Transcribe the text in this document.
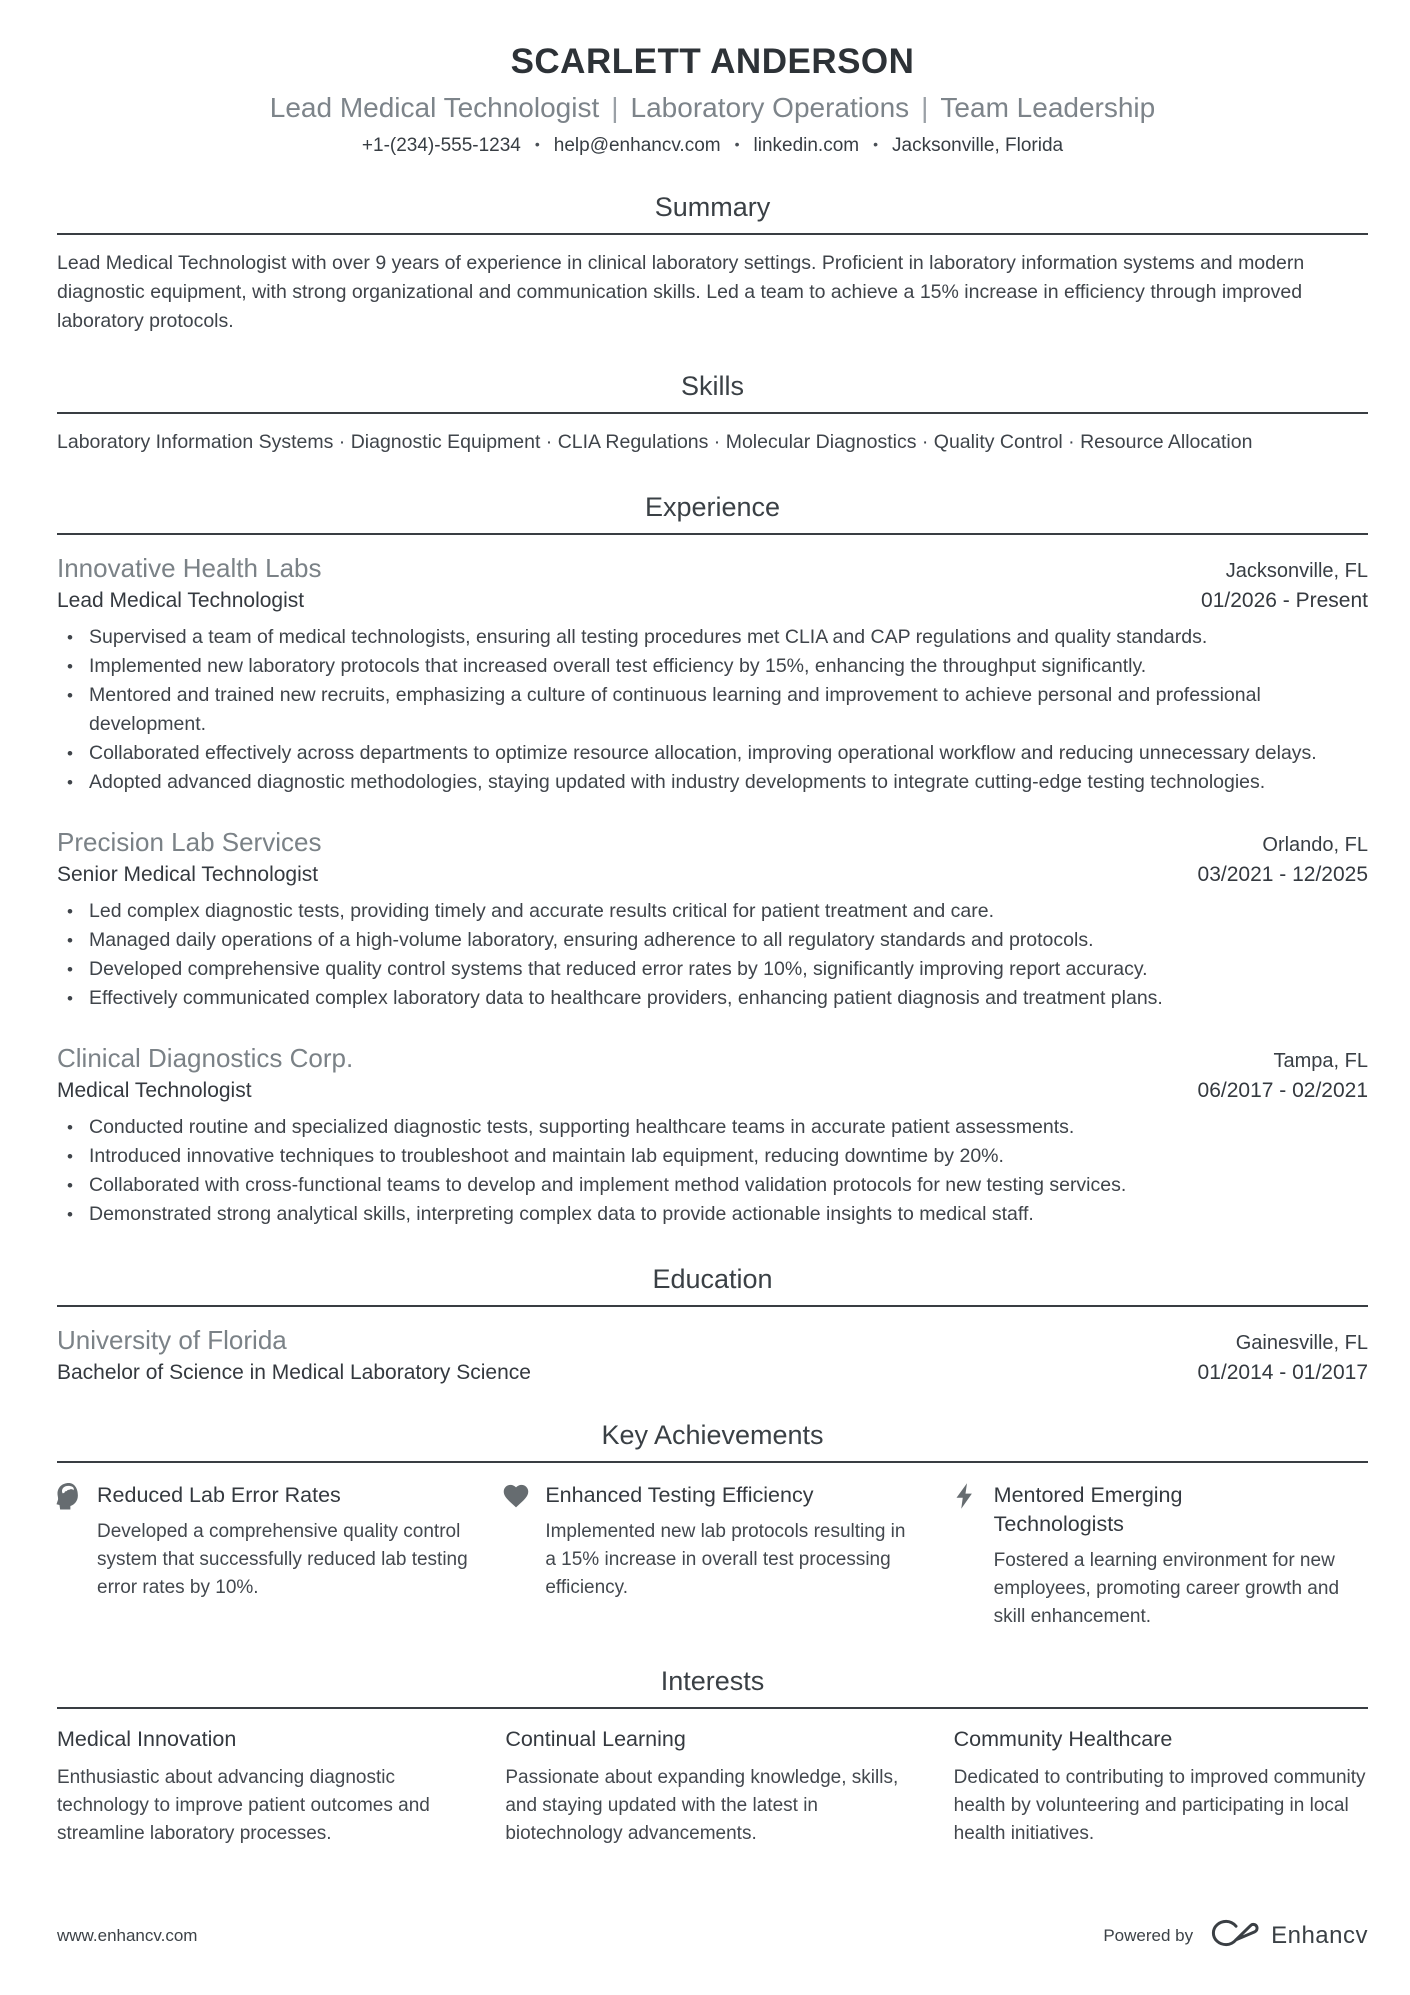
SCARLETT ANDERSON
Lead Medical Technologist | Laboratory Operations | Team Leadership
+1-(234)-555-1234 • help@enhancv.com • linkedin.com • Jacksonville, Florida
Summary
Lead Medical Technologist with over 9 years of experience in clinical laboratory settings. Proficient in laboratory information systems and modern diagnostic equipment, with strong organizational and communication skills. Led a team to achieve a 15% increase in efficiency through improved laboratory protocols.
Skills
Laboratory Information Systems · Diagnostic Equipment · CLIA Regulations · Molecular Diagnostics · Quality Control · Resource Allocation
Experience
Innovative Health Labs	Jacksonville, FL
Lead Medical Technologist	01/2026 - Present
• Supervised a team of medical technologists, ensuring all testing procedures met CLIA and CAP regulations and quality standards.
• Implemented new laboratory protocols that increased overall test efficiency by 15%, enhancing the throughput significantly.
• Mentored and trained new recruits, emphasizing a culture of continuous learning and improvement to achieve personal and professional development.
• Collaborated effectively across departments to optimize resource allocation, improving operational workflow and reducing unnecessary delays.
• Adopted advanced diagnostic methodologies, staying updated with industry developments to integrate cutting-edge testing technologies.
Precision Lab Services	Orlando, FL
Senior Medical Technologist	03/2021 - 12/2025
• Led complex diagnostic tests, providing timely and accurate results critical for patient treatment and care.
• Managed daily operations of a high-volume laboratory, ensuring adherence to all regulatory standards and protocols.
• Developed comprehensive quality control systems that reduced error rates by 10%, significantly improving report accuracy.
• Effectively communicated complex laboratory data to healthcare providers, enhancing patient diagnosis and treatment plans.
Clinical Diagnostics Corp.	Tampa, FL
Medical Technologist	06/2017 - 02/2021
• Conducted routine and specialized diagnostic tests, supporting healthcare teams in accurate patient assessments.
• Introduced innovative techniques to troubleshoot and maintain lab equipment, reducing downtime by 20%.
• Collaborated with cross-functional teams to develop and implement method validation protocols for new testing services.
• Demonstrated strong analytical skills, interpreting complex data to provide actionable insights to medical staff.
Education
University of Florida	Gainesville, FL
Bachelor of Science in Medical Laboratory Science	01/2014 - 01/2017
Key Achievements
Reduced Lab Error Rates
Developed a comprehensive quality control system that successfully reduced lab testing error rates by 10%.
Enhanced Testing Efficiency
Implemented new lab protocols resulting in a 15% increase in overall test processing efficiency.
Mentored Emerging Technologists
Fostered a learning environment for new employees, promoting career growth and skill enhancement.
Interests
Medical Innovation
Enthusiastic about advancing diagnostic technology to improve patient outcomes and streamline laboratory processes.
Continual Learning
Passionate about expanding knowledge, skills, and staying updated with the latest in biotechnology advancements.
Community Healthcare
Dedicated to contributing to improved community health by volunteering and participating in local health initiatives.
www.enhancv.com	Powered by	Enhancv
